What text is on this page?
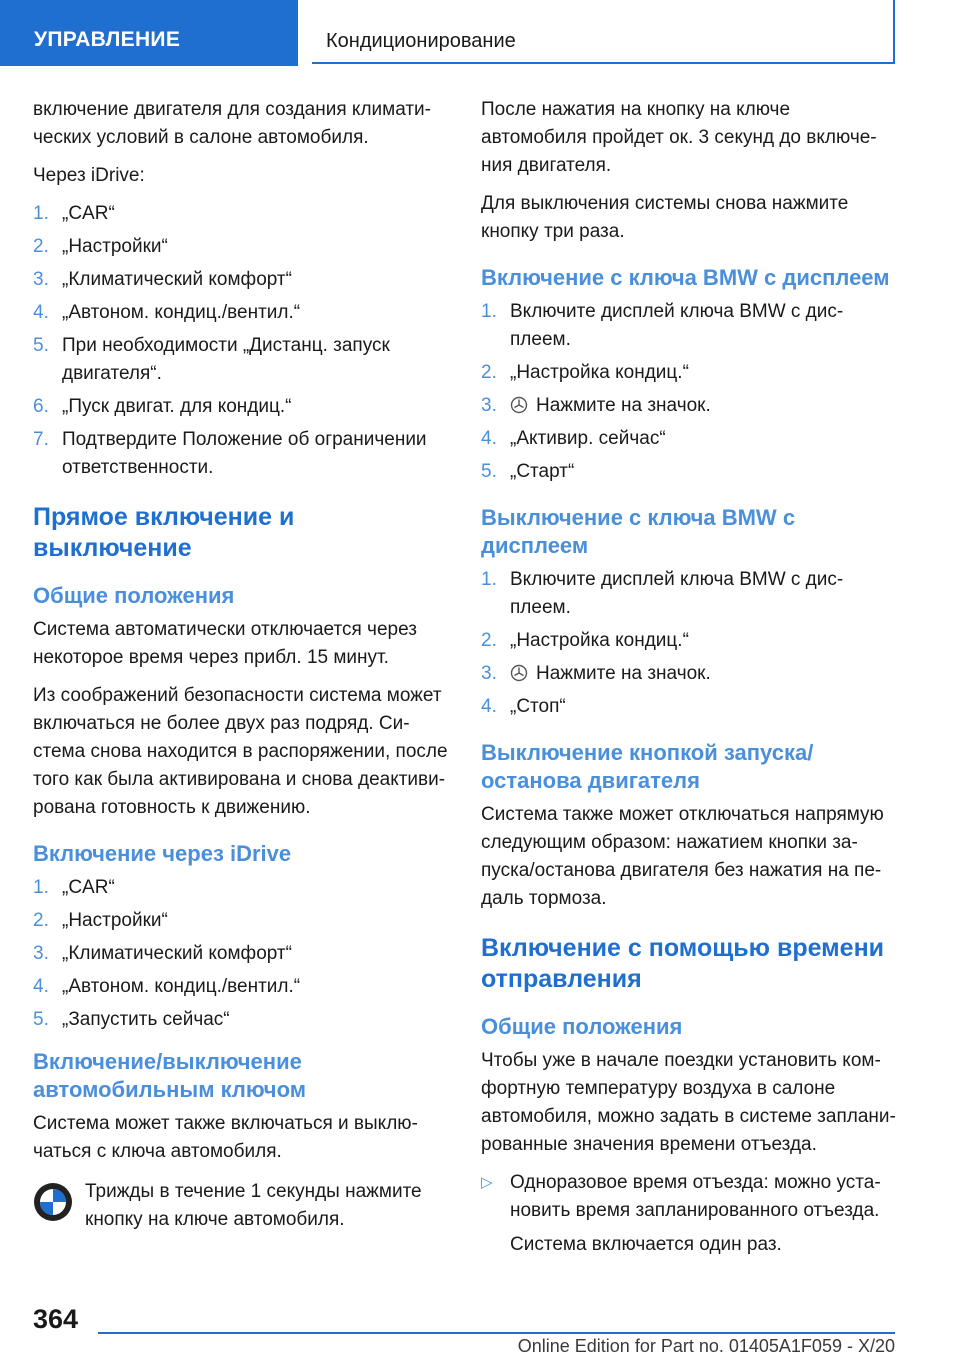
УПРАВЛЕНИЕ	Кондиционирование

включение двигателя для создания климати-ческих условий в салоне автомобиля.

Через iDrive:

1. „CAR“
2. „Настройки“
3. „Климатический комфорт“
4. „Автоном. кондиц./вентил.“
5. При необходимости „Дистанц. запуск двигателя“.
6. „Пуск двигат. для кондиц.“
7. Подтвердите Положение об ограничении ответственности.
Прямое включение и выключение
Общие положения

Система автоматически отключается через некоторое время через прибл. 15 минут.

Из соображений безопасности система может включаться не более двух раз подряд. Си-стема снова находится в распоряжении, после того как была активирована и снова деактиви-рована готовность к движению.

Включение через iDrive
1. „CAR“
2. „Настройки“
3. „Климатический комфорт“
4. „Автоном. кондиц./вентил.“
5. „Запустить сейчас“
Включение/выключение автомобильным ключом

Система может также включаться и выклю-чаться с ключа автомобиля.

Трижды в течение 1 секунды нажмите кнопку на ключе автомобиля.

После нажатия на кнопку на ключе автомобиля пройдет ок. 3 секунд до включе-ния двигателя.

Для выключения системы снова нажмите кнопку три раза.

Включение с ключа BMW с дисплеем
1. Включите дисплей ключа BMW с дис-плеем.
2. „Настройка кондиц.“
3. Нажмите на значок.
4. „Активир. сейчас“
5. „Старт“
Выключение с ключа BMW с дисплеем
1. Включите дисплей ключа BMW с дис-плеем.
2. „Настройка кондиц.“
3. Нажмите на значок.
4. „Стоп“
Выключение кнопкой запуска/останова двигателя

Система также может отключаться напрямую следующим образом: нажатием кнопки за-пуска/останова двигателя без нажатия на пе-даль тормоза.

Включение с помощью времени отправления
Общие положения

Чтобы уже в начале поездки установить ком-фортную температуру воздуха в салоне автомобиля, можно задать в системе заплани-рованные значения времени отъезда.

▷ Одноразовое время отъезда: можно уста-новить время запланированного отъезда.
Система включается один раз.
364
Online Edition for Part no. 01405A1F059 - X/20
